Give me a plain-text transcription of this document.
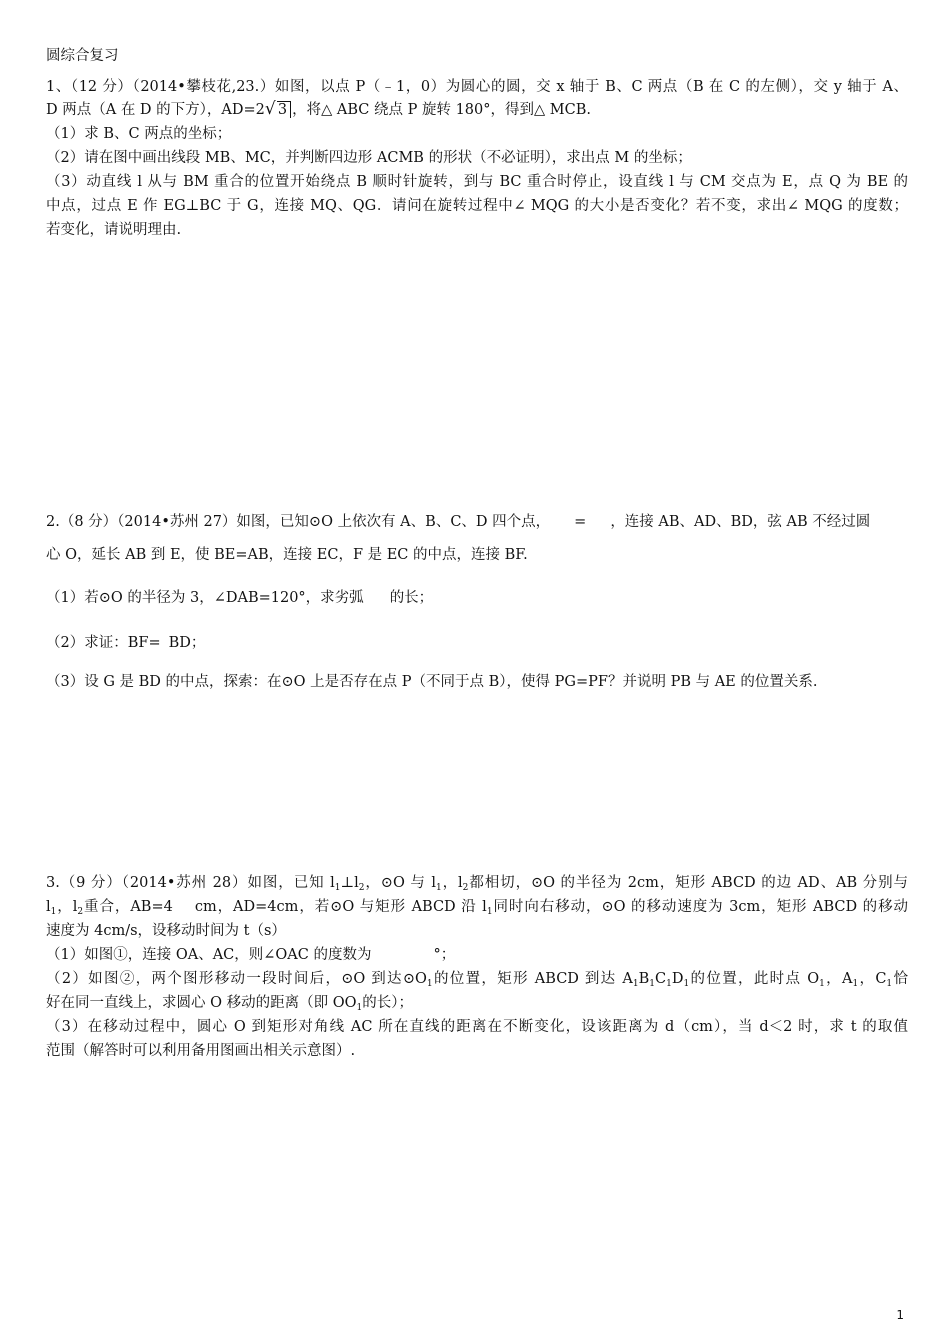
圆综合复习
1、（12 分）（2014•攀枝花,23.）如图，以点 P（﹣1，0）为圆心的圆，交 x 轴于 B、C 两点（B 在 C 的左侧），交 y 轴于 A、
D 两点（A 在 D 的下方），AD=2 √ 3 ，将△ ABC 绕点 P 旋转 180°，得到△ MCB.
（1）求 B、C 两点的坐标；
（2）请在图中画出线段 MB、MC，并判断四边形 ACMB 的形状（不必证明），求出点 M 的坐标；
（3）动直线 l 从与 BM 重合的位置开始绕点 B 顺时针旋转，到与 BC 重合时停止，设直线 l 与 CM 交点为 E，点 Q 为 BE 的
中点，过点 E 作 EG⊥BC 于 G，连接 MQ、QG．请问在旋转过程中∠ MQG 的大小是否变化？若不变，求出∠ MQG 的度数；
若变化，请说明理由.
2.（8 分）（2014•苏州 27）如图，已知⊙O 上依次有 A、B、C、D 四个点， = ，连接 AB、AD、BD，弦 AB 不经过圆
心 O，延长 AB 到 E，使 BE=AB，连接 EC，F 是 EC 的中点，连接 BF.
（1）若⊙O 的半径为 3，∠DAB=120°，求劣弧 的长；
（2）求证：BF= BD；
（3）设 G 是 BD 的中点，探索：在⊙O 上是否存在点 P（不同于点 B），使得 PG=PF？并说明 PB 与 AE 的位置关系.
3.（9 分）（2014•苏州 28）如图，已知 $l_1\perp l_2$，⊙O 与 $l_1$，$l_2$都相切，⊙O 的半径为 2cm，矩形 ABCD 的边 AD、AB 分别与
$l_1$，$l_2$重合，AB=4 cm，AD=4cm，若⊙O 与矩形 ABCD 沿 $l_1$同时向右移动，⊙O 的移动速度为 3cm，矩形 ABCD 的移动
速度为 4cm/s，设移动时间为 t（s）
（1）如图①，连接 OA、AC，则∠OAC 的度数为	°；
（2）如图②，两个图形移动一段时间后，⊙O 到达$⊙O_1$的位置，矩形 ABCD 到达 $A_1B_1C_1D_1$的位置，此时点 $O_1$，$A_1$，$C_1$恰
好在同一直线上，求圆心 O 移动的距离（即 $OO_1$的长）；
（3）在移动过程中，圆心 O 到矩形对角线 AC 所在直线的距离在不断变化，设该距离为 d（cm），当 d＜2 时，求 t 的取值
范围（解答时可以利用备用图画出相关示意图）.
1
